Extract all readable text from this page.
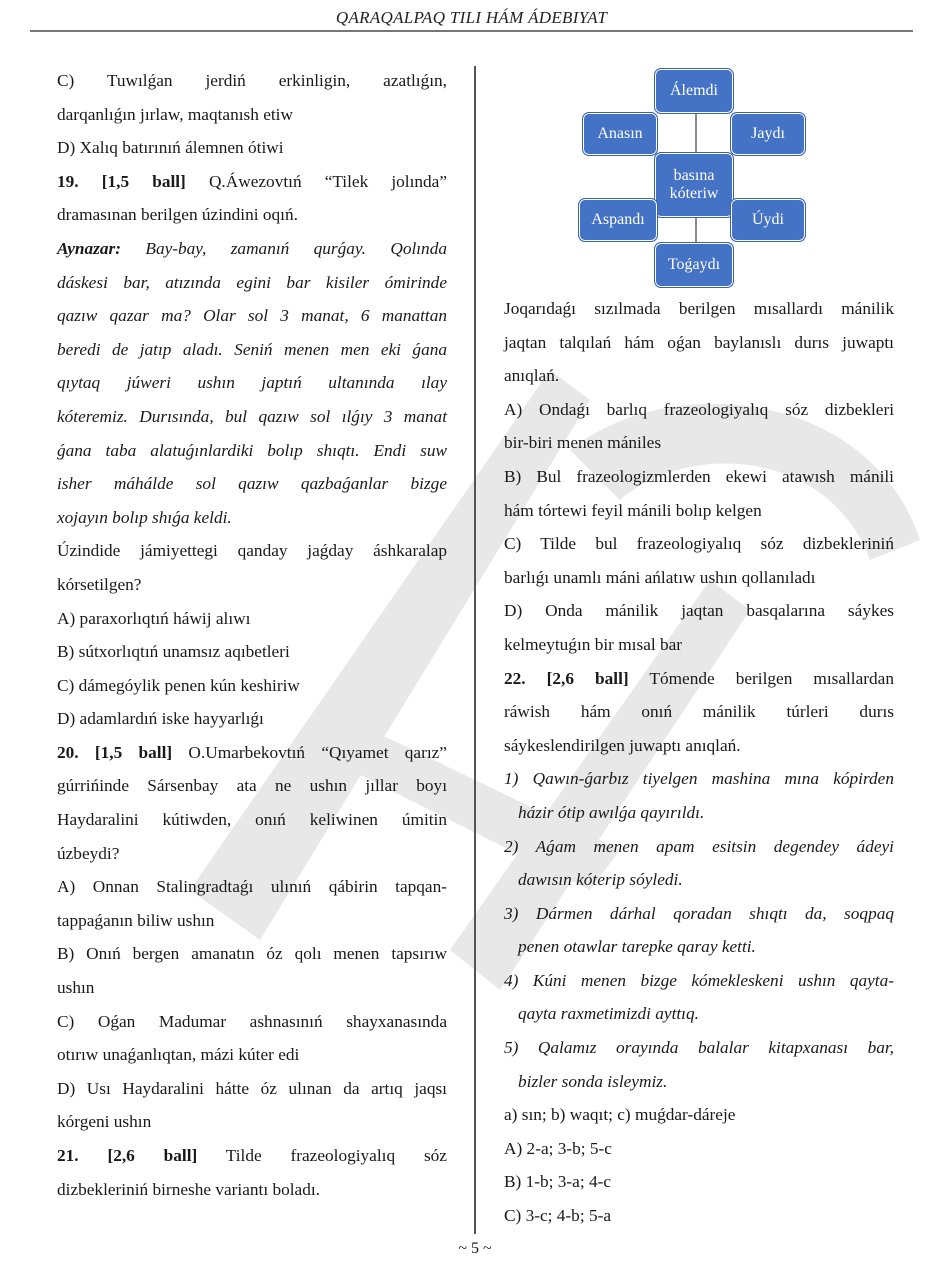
QARAQALPAQ TILI HÁM ÁDEBIYAT

C) Tuwılǵan jerdiń erkinligin, azatlıǵın,

darqanlıǵın jırlaw, maqtanısh etiw

D) Xalıq batırınıń álemnen ótiwi

19. [1,5 ball] Q.Áwezovtıń “Tilek jolında”

dramasınan berilgen úzindini oqıń.

Aynazar: Bay-bay, zamanıń qurǵay. Qolında

dáskesi bar, atızında egini bar kisiler ómirinde

qazıw qazar ma? Olar sol 3 manat, 6 manattan

beredi de jatıp aladı. Seniń menen men eki ǵana

qıytaq júweri ushın japtıń ultanında ılay

kóteremiz. Durısında, bul qazıw sol ılǵıy 3 manat

ǵana taba alatuǵınlardiki bolıp shıqtı. Endi suw

isher máhálde sol qazıw qazbaǵanlar bizge

xojayın bolıp shıǵa keldi.

Úzindide jámiyettegi qanday jaǵday áshkaralap

kórsetilgen?

A) paraxorlıqtıń háwij alıwı

B) sútxorlıqtıń unamsız aqıbetleri

C) dámegóylik penen kún keshiriw

D) adamlardıń iske hayyarlıǵı

20. [1,5 ball] O.Umarbekovtıń “Qıyamet qarız”

gúrrińinde Sársenbay ata ne ushın jıllar boyı

Haydaralini kútiwden, onıń keliwinen úmitin

úzbeydi?

A) Onnan Stalingradtaǵı ulınıń qábirin tapqan-

tappaǵanın biliw ushın

B) Onıń bergen amanatın óz qolı menen tapsırıw

ushın

C) Oǵan Madumar ashnasınıń shayxanasında

otırıw unaǵanlıqtan, mázi kúter edi

D) Usı Haydaralini hátte óz ulınan da artıq jaqsı

kórgeni ushın

21. [2,6 ball] Tilde frazeologiyalıq sóz

dizbekleriniń birneshe variantı boladı.

Álemdi
Anasın	Jaydı
basına kóteriw
Aspandı	Úydi
Toǵaydı

Joqarıdaǵı sızılmada berilgen mısallardı mánilik

jaqtan talqılań hám oǵan baylanıslı durıs juwaptı

anıqlań.

A) Ondaǵı barlıq frazeologiyalıq sóz dizbekleri

bir-biri menen mániles

B) Bul frazeologizmlerden ekewi atawısh mánili

hám tórtewi feyil mánili bolıp kelgen

C) Tilde bul frazeologiyalıq sóz dizbekleriniń

barlıǵı unamlı máni ańlatıw ushın qollanıladı

D) Onda mánilik jaqtan basqalarına sáykes

kelmeytuǵın bir mısal bar

22. [2,6 ball] Tómende berilgen mısallardan

ráwish hám onıń mánilik túrleri durıs

sáykeslendirilgen juwaptı anıqlań.

1) Qawın-ǵarbız tiyelgen mashina mına kópirden

házir ótip awılǵa qayırıldı.

2) Aǵam menen apam esitsin degendey ádeyi

dawısın kóterip sóyledi.

3) Dármen dárhal qoradan shıqtı da, soqpaq

penen otawlar tarepke qaray ketti.

4) Kúni menen bizge kómekleskeni ushın qayta-

qayta raxmetimizdi ayttıq.

5) Qalamız orayında balalar kitapxanası bar,

bizler sonda isleymiz.

a) sın; b) waqıt; c) muǵdar-dáreje

A) 2-a; 3-b; 5-c

B) 1-b; 3-a; 4-c

C) 3-c; 4-b; 5-a

~ 5 ~
